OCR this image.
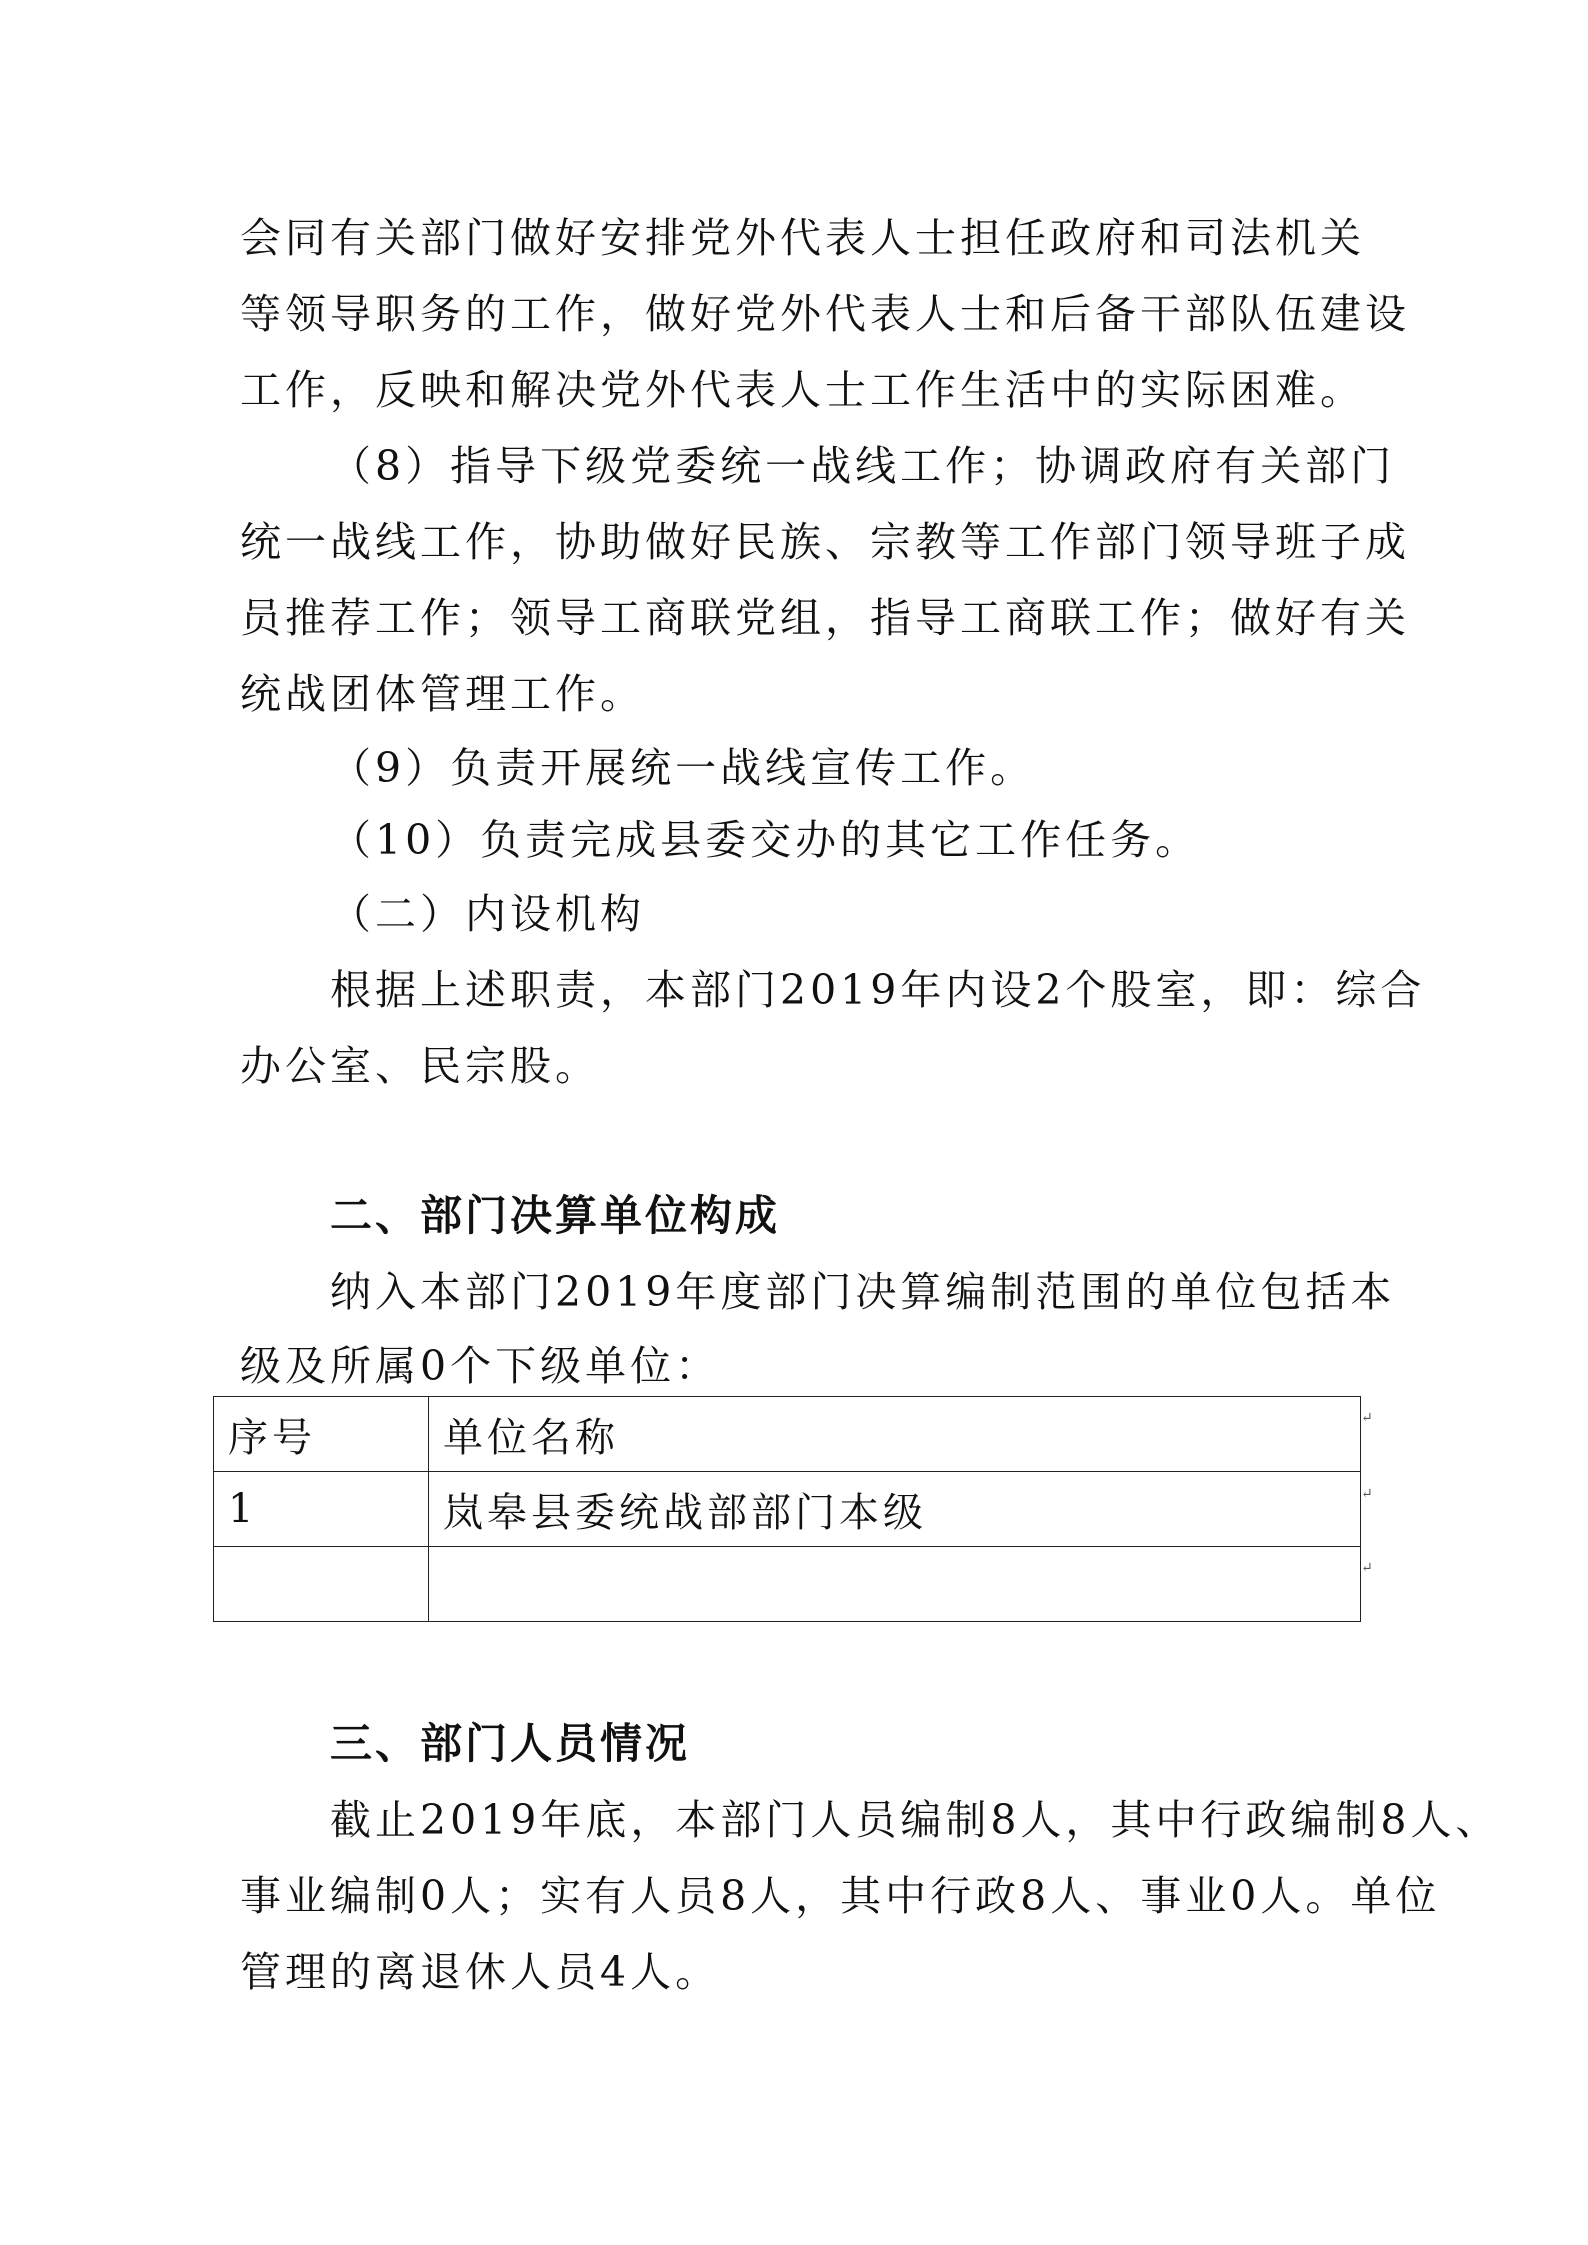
会同有关部门做好安排党外代表人士担任政府和司法机关
等领导职务的工作，做好党外代表人士和后备干部队伍建设
工作，反映和解决党外代表人士工作生活中的实际困难。
（8）指导下级党委统一战线工作；协调政府有关部门
统一战线工作，协助做好民族、宗教等工作部门领导班子成
员推荐工作；领导工商联党组，指导工商联工作；做好有关
统战团体管理工作。
（9）负责开展统一战线宣传工作。
（10）负责完成县委交办的其它工作任务。
（二）内设机构
根据上述职责，本部门2019年内设2个股室，即：综合
办公室、民宗股。
二、部门决算单位构成
纳入本部门2019年度部门决算编制范围的单位包括本
级及所属0个下级单位：
序号	单位名称
1	岚皋县委统战部部门本级

↵
↵
↵
三、部门人员情况
截止2019年底，本部门人员编制8人，其中行政编制8人、
事业编制0人；实有人员8人，其中行政8人、事业0人。单位
管理的离退休人员4人。
